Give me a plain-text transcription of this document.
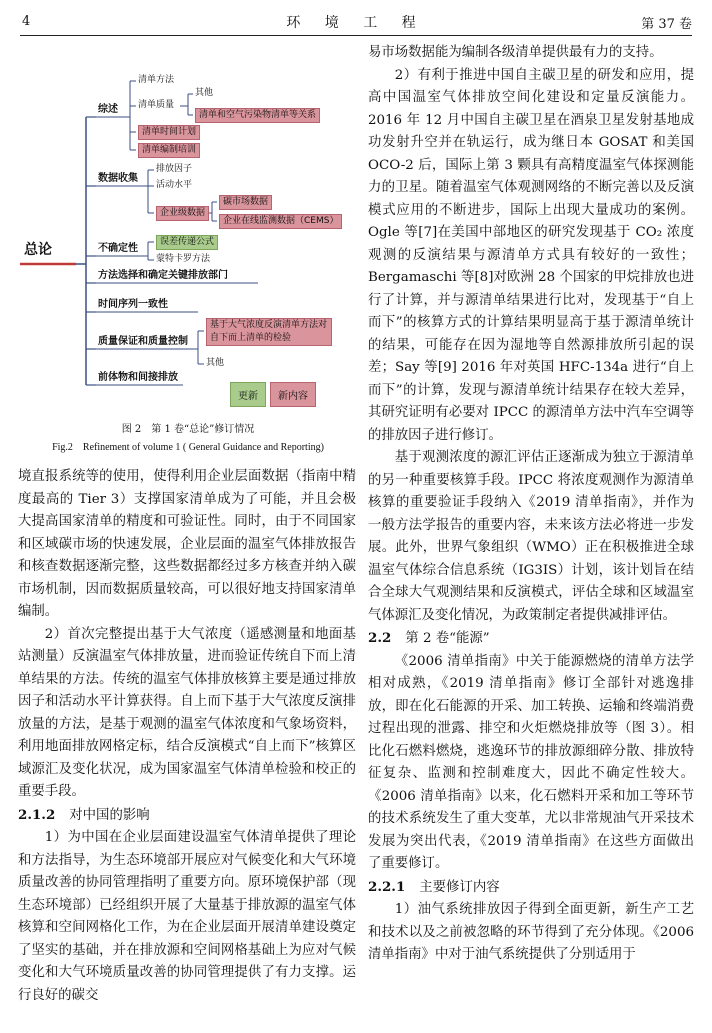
4	环 境 工 程	第 37 卷
总论
综述
清单方法
清单质量
其他
清单和空气污染物清单等关系
清单时间计划
清单编制培训
数据收集
排放因子
活动水平
企业级数据
碳市场数据
企业在线监测数据（CEMS）
不确定性
误差传递公式
蒙特卡罗方法
方法选择和确定关键排放部门
时间序列一致性
质量保证和质量控制
基于大气浓度反演清单方法对自下而上清单的检验
其他
前体物和间接排放
更新	新内容
图 2　第 1 卷“总论”修订情况
Fig.2　Refinement of volume 1 ( General Guidance and Reporting)

境直报系统等的使用，使得利用企业层面数据（指南中精度最高的 Tier 3）支撑国家清单成为了可能，并且会极大提高国家清单的精度和可验证性。同时，由于不同国家和区域碳市场的快速发展，企业层面的温室气体排放报告和核查数据逐渐完整，这些数据都经过多方核查并纳入碳市场机制，因而数据质量较高，可以很好地支持国家清单编制。

2）首次完整提出基于大气浓度（遥感测量和地面基站测量）反演温室气体排放量，进而验证传统自下而上清单结果的方法。传统的温室气体排放核算主要是通过排放因子和活动水平计算获得。自上而下基于大气浓度反演排放量的方法，是基于观测的温室气体浓度和气象场资料，利用地面排放网格定标，结合反演模式“自上而下”核算区域源汇及变化状况，成为国家温室气体清单检验和校正的重要手段。

2.1.2 对中国的影响

1）为中国在企业层面建设温室气体清单提供了理论和方法指导，为生态环境部开展应对气候变化和大气环境质量改善的协同管理指明了重要方向。原环境保护部（现生态环境部）已经组织开展了大量基于排放源的温室气体核算和空间网格化工作，为在企业层面开展清单建设奠定了坚实的基础，并在排放源和空间网格基础上为应对气候变化和大气环境质量改善的协同管理提供了有力支撑。运行良好的碳交

易市场数据能为编制各级清单提供最有力的支持。

2）有利于推进中国自主碳卫星的研发和应用，提高中国温室气体排放空间化建设和定量反演能力。2016 年 12 月中国自主碳卫星在酒泉卫星发射基地成功发射升空并在轨运行，成为继日本 GOSAT 和美国 OCO-2 后，国际上第 3 颗具有高精度温室气体探测能力的卫星。随着温室气体观测网络的不断完善以及反演模式应用的不断进步，国际上出现大量成功的案例。Ogle 等[7]在美国中部地区的研究发现基于 CO₂ 浓度观测的反演结果与源清单方式具有较好的一致性；Bergamaschi 等[8]对欧洲 28 个国家的甲烷排放也进行了计算，并与源清单结果进行比对，发现基于“自上而下”的核算方式的计算结果明显高于基于源清单统计的结果，可能存在因为湿地等自然源排放所引起的误差；Say 等[9] 2016 年对英国 HFC-134a 进行“自上而下”的计算，发现与源清单统计结果存在较大差异，其研究证明有必要对 IPCC 的源清单方法中汽车空调等的排放因子进行修订。

基于观测浓度的源汇评估正逐渐成为独立于源清单的另一种重要核算手段。IPCC 将浓度观测作为源清单核算的重要验证手段纳入《2019 清单指南》，并作为一般方法学报告的重要内容，未来该方法必将进一步发展。此外，世界气象组织（WMO）正在积极推进全球温室气体综合信息系统（IG3IS）计划，该计划旨在结合全球大气观测结果和反演模式，评估全球和区域温室气体源汇及变化情况，为政策制定者提供减排评估。

2.2 第 2 卷“能源”

《2006 清单指南》中关于能源燃烧的清单方法学相对成熟，《2019 清单指南》修订全部针对逃逸排放，即在化石能源的开采、加工转换、运输和终端消费过程出现的泄露、排空和火炬燃烧排放等（图 3）。相比化石燃料燃烧，逃逸环节的排放源细碎分散、排放特征复杂、监测和控制难度大，因此不确定性较大。《2006 清单指南》以来，化石燃料开采和加工等环节的技术系统发生了重大变革，尤以非常规油气开采技术发展为突出代表，《2019 清单指南》在这些方面做出了重要修订。

2.2.1 主要修订内容

1）油气系统排放因子得到全面更新，新生产工艺和技术以及之前被忽略的环节得到了充分体现。《2006 清单指南》中对于油气系统提供了分别适用于
